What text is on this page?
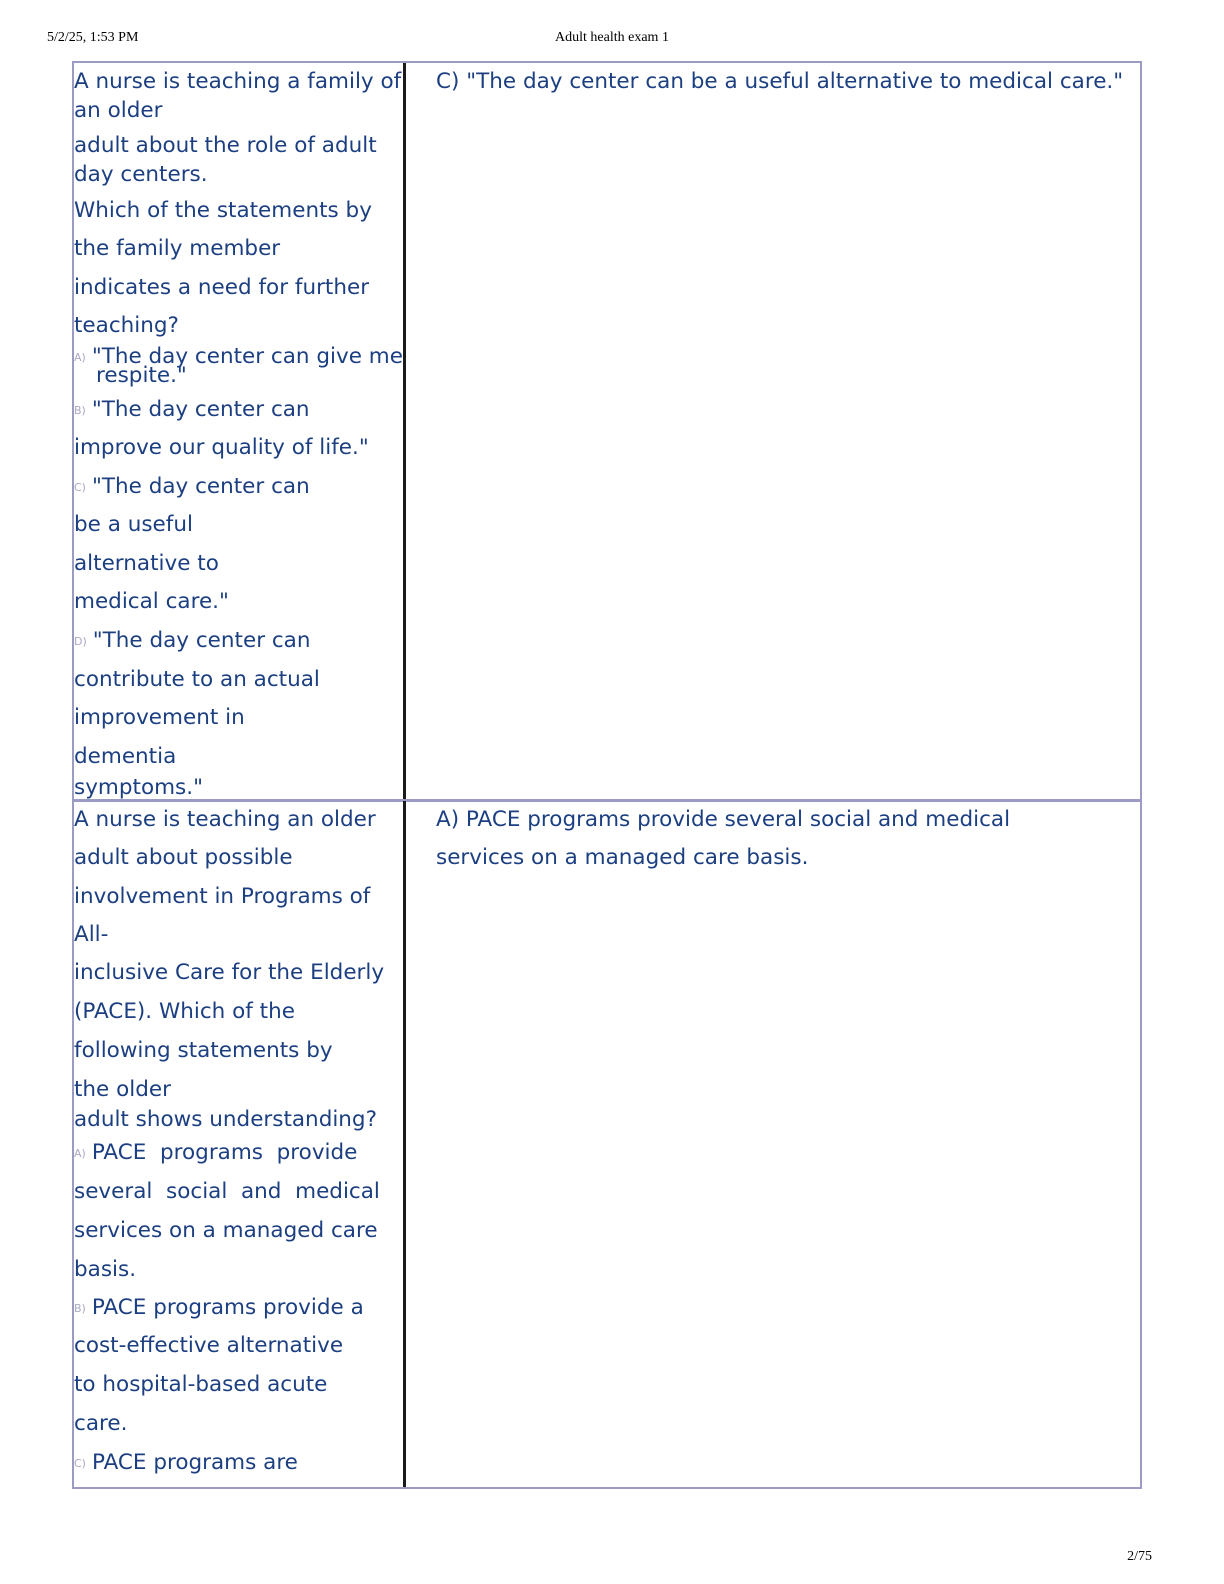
5/2/25, 1:53 PM	Adult health exam 1
A nurse is teaching a family of
an older
adult about the role of adult
day centers.
Which of the statements by
the family member
indicates a need for further
teaching?
A) "The day center can give me
respite."
B) "The day center can
improve our quality of life."
C) "The day center can
be a useful
alternative to
medical care."
D) "The day center can
contribute to an actual
improvement in
dementia
symptoms."
C) "The day center can be a useful alternative to medical care."
A nurse is teaching an older
adult about possible
involvement in Programs of
All-
inclusive Care for the Elderly
(PACE). Which of the
following statements by
the older
adult shows understanding?
A) PACE  programs  provide
several  social  and  medical
services on a managed care
basis.
B) PACE programs provide a
cost-effective alternative
to hospital-based acute
care.
C) PACE programs are
A) PACE programs provide several social and medical
services on a managed care basis.
2/75
